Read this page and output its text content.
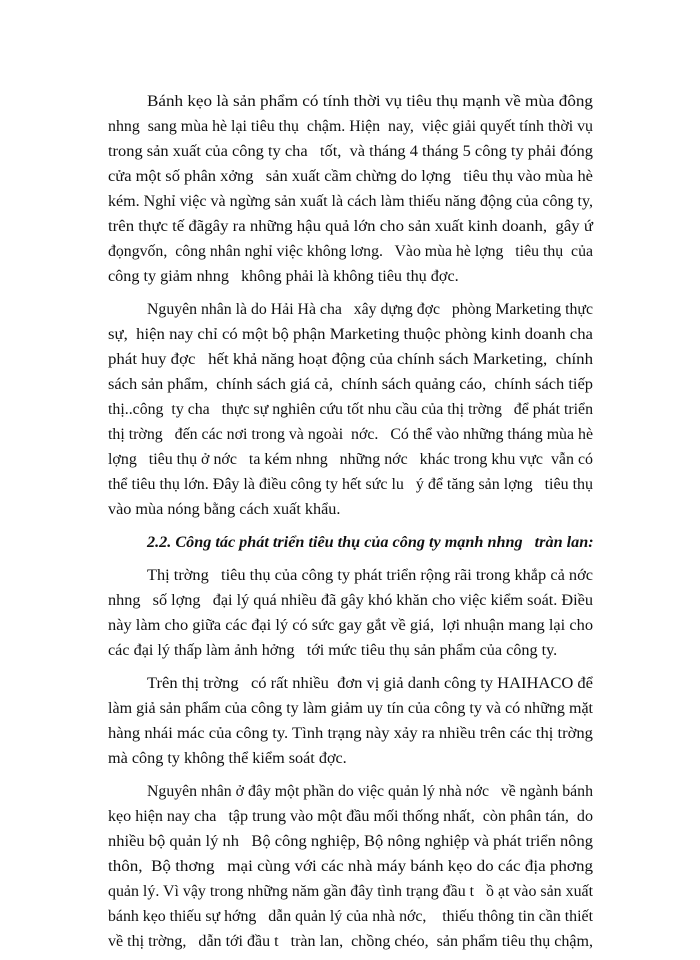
Bánh kẹo là sản phẩm có tính thời vụ tiêu thụ mạnh về mùa đông
nhng  sang mùa hè lại tiêu thụ  chậm. Hiện  nay,  việc giải quyết tính thời vụ
trong sản xuất của công ty cha   tốt,  và tháng 4 tháng 5 công ty phải đóng
cửa một số phân xởng   sản xuất cầm chừng do lợng   tiêu thụ vào mùa hè
kém. Nghỉ việc và ngừng sản xuất là cách làm thiếu năng động của công ty,
trên thực tế đãgây ra những hậu quả lớn cho sản xuất kinh doanh,  gây ứ
đọngvốn,  công nhân nghỉ việc không lơng.   Vào mùa hè lợng   tiêu thụ  của
công ty giảm nhng   không phải là không tiêu thụ đợc.
Nguyên nhân là do Hải Hà cha   xây dựng đợc   phòng Marketing thực
sự,  hiện nay chỉ có một bộ phận Marketing thuộc phòng kinh doanh cha
phát huy đợc   hết khả năng hoạt động của chính sách Marketing,  chính
sách sản phẩm,  chính sách giá cả,  chính sách quảng cáo,  chính sách tiếp
thị..công  ty cha   thực sự nghiên cứu tốt nhu cầu của thị trờng   để phát triển
thị trờng   đến các nơi trong và ngoài  nớc.   Có thể vào những tháng mùa hè
lợng   tiêu thụ ở nớc   ta kém nhng   những nớc   khác trong khu vực  vẫn có
thể tiêu thụ lớn. Đây là điều công ty hết sức lu   ý để tăng sản lợng   tiêu thụ
vào mùa nóng bằng cách xuất khẩu.
2.2. Công tác phát triển tiêu thụ của công ty mạnh nhng   tràn lan:
Thị trờng   tiêu thụ của công ty phát triển rộng rãi trong khắp cả nớc
nhng   số lợng   đại lý quá nhiều đã gây khó khăn cho việc kiểm soát. Điều
này làm cho giữa các đại lý có sức gay gắt về giá,  lợi nhuận mang lại cho
các đại lý thấp làm ảnh hởng   tới mức tiêu thụ sản phẩm của công ty.
Trên thị trờng   có rất nhiều  đơn vị giả danh công ty HAIHACO để
làm giả sản phẩm của công ty làm giảm uy tín của công ty và có những mặt
hàng nhái mác của công ty. Tình trạng này xảy ra nhiều trên các thị trờng
mà công ty không thể kiểm soát đợc.
Nguyên nhân ở đây một phần do việc quản lý nhà nớc   về ngành bánh
kẹo hiện nay cha   tập trung vào một đầu mối thống nhất,  còn phân tán,  do
nhiều bộ quản lý nh   Bộ công nghiệp, Bộ nông nghiệp và phát triển nông
thôn,  Bộ thơng   mại cùng với các nhà máy bánh kẹo do các địa phơng
quản lý. Vì vậy trong những năm gần đây tình trạng đầu t   ồ ạt vào sản xuất
bánh kẹo thiếu sự hớng   dẫn quản lý của nhà nớc,    thiếu thông tin cần thiết
về thị trờng,   dẫn tới đầu t   tràn lan,  chồng chéo,  sản phẩm tiêu thụ chậm,
